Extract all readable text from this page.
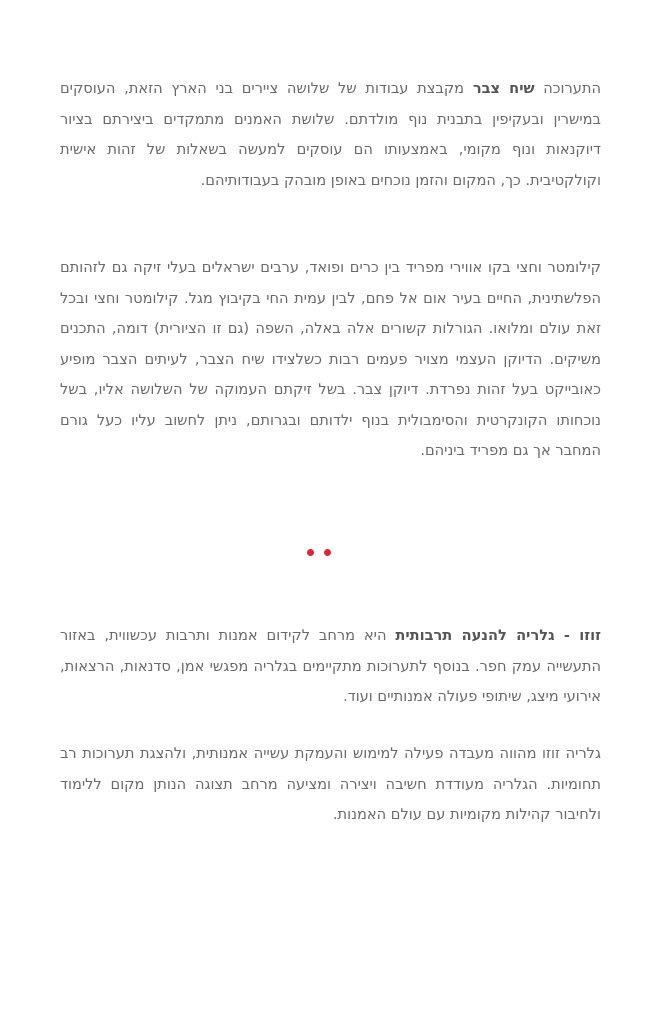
התערוכה שיח צבר מקבצת עבודות של שלושה ציירים בני הארץ הזאת, העוסקים במישרין ובעקיפין בתבנית נוף מולדתם. שלושת האמנים מתמקדים ביצירתם בציור דיוקנאות ונוף מקומי, באמצעותו הם עוסקים למעשה בשאלות של זהות אישית וקולקטיבית. כך, המקום והזמן נוכחים באופן מובהק בעבודותיהם.

קילומטר וחצי בקו אווירי מפריד בין כרים ופואד, ערבים ישראלים בעלי זיקה גם לזהותם הפלשתינית, החיים בעיר אום אל פחם, לבין עמית החי בקיבוץ מגל. קילומטר וחצי ובכל זאת עולם ומלואו. הגורלות קשורים אלה באלה, השפה (גם זו הציורית) דומה, התכנים משיקים. הדיוקן העצמי מצויר פעמים רבות כשלצידו שיח הצבר, לעיתים הצבר מופיע כאובייקט בעל זהות נפרדת. דיוקן צבר. בשל זיקתם העמוקה של השלושה אליו, בשל נוכחותו הקונקרטית והסימבולית בנוף ילדותם ובגרותם, ניתן לחשוב עליו כעל גורם המחבר אך גם מפריד ביניהם.

זוזו - גלריה להנעה תרבותית היא מרחב לקידום אמנות ותרבות עכשווית, באזור התעשייה עמק חפר. בנוסף לתערוכות מתקיימים בגלריה מפגשי אמן, סדנאות, הרצאות, אירועי מיצג, שיתופי פעולה אמנותיים ועוד.

גלריה זוזו מהווה מעבדה פעילה למימוש והעמקת עשייה אמנותית, ולהצגת תערוכות רב תחומיות. הגלריה מעודדת חשיבה ויצירה ומציעה מרחב תצוגה הנותן מקום ללימוד ולחיבור קהילות מקומיות עם עולם האמנות.
